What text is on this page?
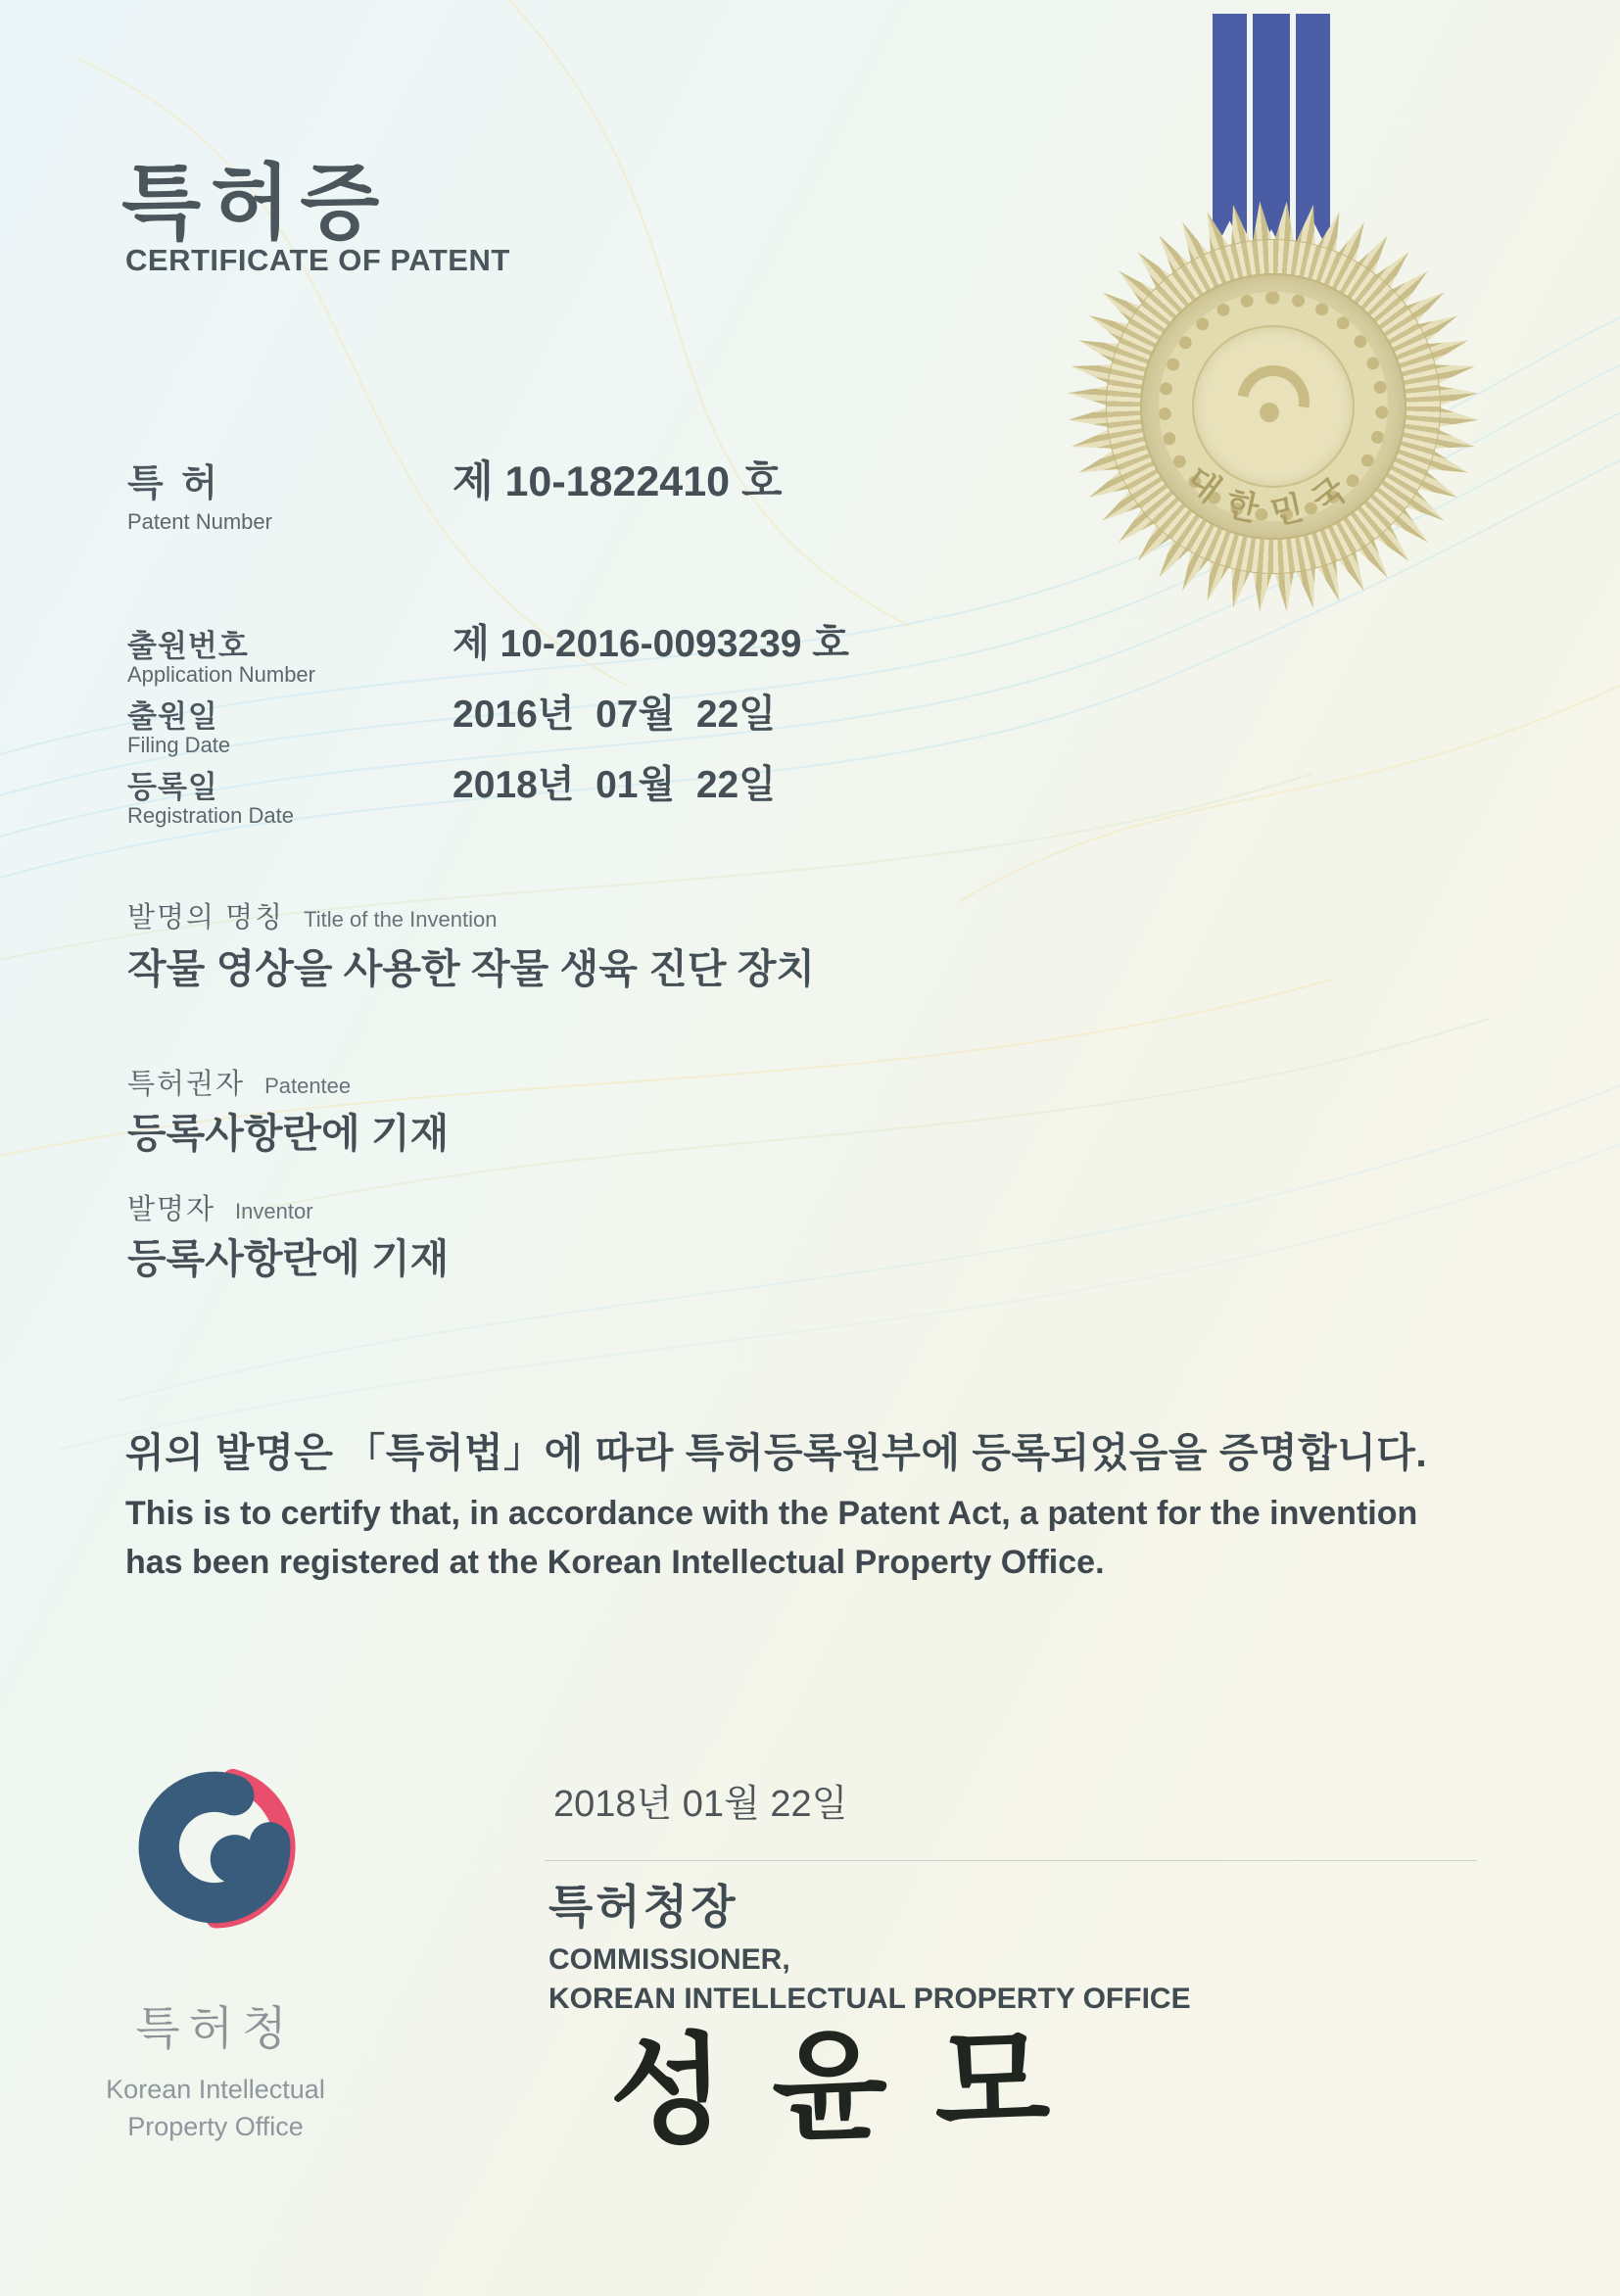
대한민국
특허증
CERTIFICATE OF PATENT
특 허
Patent Number
제 10-1822410 호
출원번호
Application Number
제 10-2016-0093239 호
출원일
Filing Date
2016년  07월  22일
등록일
Registration Date
2018년  01월  22일
발명의 명칭 Title of the Invention
작물 영상을 사용한 작물 생육 진단 장치
특허권자 Patentee
등록사항란에 기재
발명자 Inventor
등록사항란에 기재
위의 발명은 「특허법」에 따라 특허등록원부에 등록되었음을 증명합니다.
This is to certify that, in accordance with the Patent Act, a patent for the invention
has been registered at the Korean Intellectual Property Office.
2018년 01월 22일
특허청장
COMMISSIONER,
KOREAN INTELLECTUAL PROPERTY OFFICE
성윤모
특허청
Korean Intellectual
Property Office
